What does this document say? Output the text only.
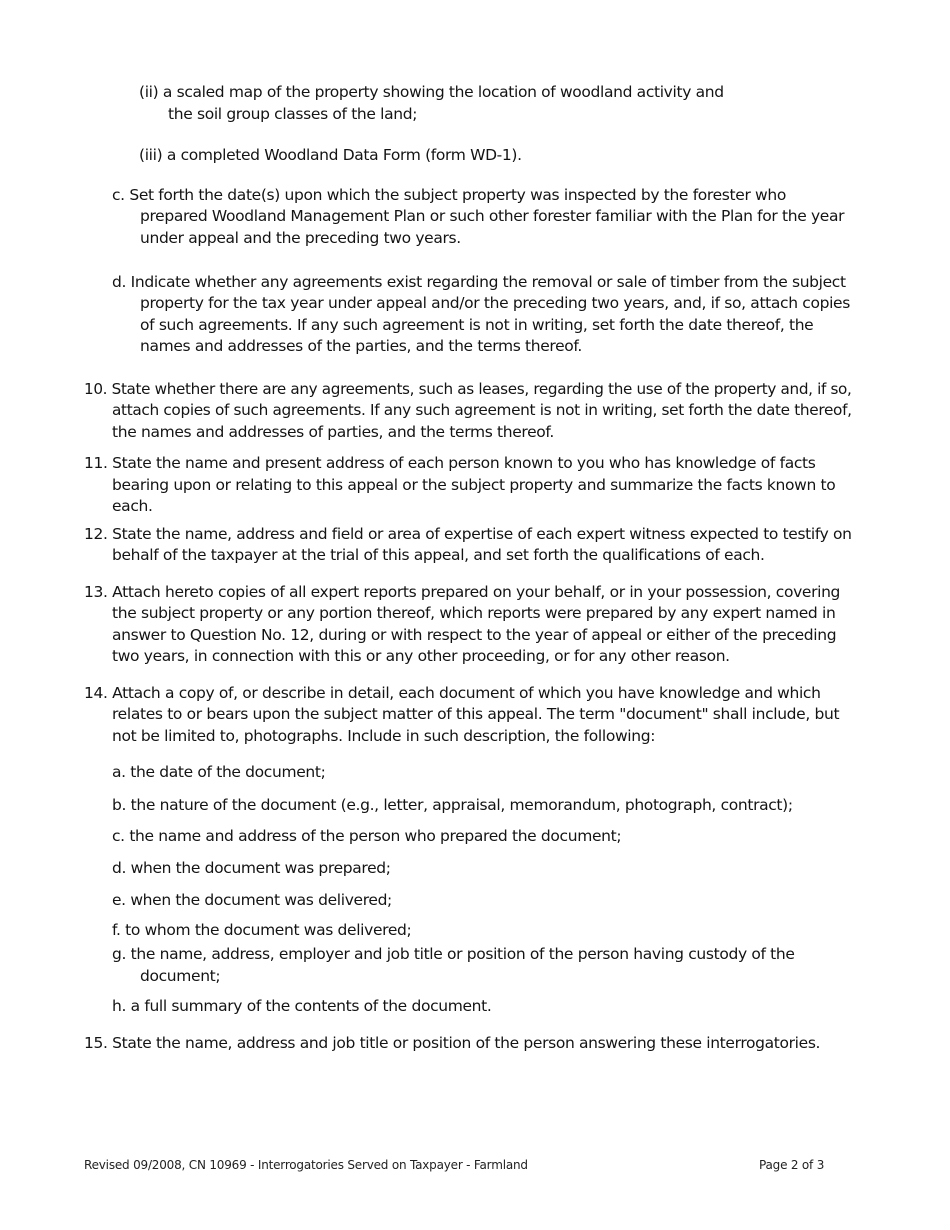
(ii) a scaled map of the property showing the location of woodland activity and
the soil group classes of the land;
(iii) a completed Woodland Data Form (form WD-1).
c. Set forth the date(s) upon which the subject property was inspected by the forester who
prepared Woodland Management Plan or such other forester familiar with the Plan for the year
under appeal and the preceding two years.
d. Indicate whether any agreements exist regarding the removal or sale of timber from the subject
property for the tax year under appeal and/or the preceding two years, and, if so, attach copies
of such agreements. If any such agreement is not in writing, set forth the date thereof, the
names and addresses of the parties, and the terms thereof.
10. State whether there are any agreements, such as leases, regarding the use of the property and, if so,
attach copies of such agreements. If any such agreement is not in writing, set forth the date thereof,
the names and addresses of parties, and the terms thereof.
11. State the name and present address of each person known to you who has knowledge of facts
bearing upon or relating to this appeal or the subject property and summarize the facts known to
each.
12. State the name, address and field or area of expertise of each expert witness expected to testify on
behalf of the taxpayer at the trial of this appeal, and set forth the qualifications of each.
13. Attach hereto copies of all expert reports prepared on your behalf, or in your possession, covering
the subject property or any portion thereof, which reports were prepared by any expert named in
answer to Question No. 12, during or with respect to the year of appeal or either of the preceding
two years, in connection with this or any other proceeding, or for any other reason.
14. Attach a copy of, or describe in detail, each document of which you have knowledge and which
relates to or bears upon the subject matter of this appeal. The term "document" shall include, but
not be limited to, photographs. Include in such description, the following:
a. the date of the document;
b. the nature of the document (e.g., letter, appraisal, memorandum, photograph, contract);
c. the name and address of the person who prepared the document;
d. when the document was prepared;
e. when the document was delivered;
f. to whom the document was delivered;
g. the name, address, employer and job title or position of the person having custody of the
document;
h. a full summary of the contents of the document.
15. State the name, address and job title or position of the person answering these interrogatories.
Revised 09/2008, CN 10969 - Interrogatories Served on Taxpayer - Farmland	Page 2 of 3
